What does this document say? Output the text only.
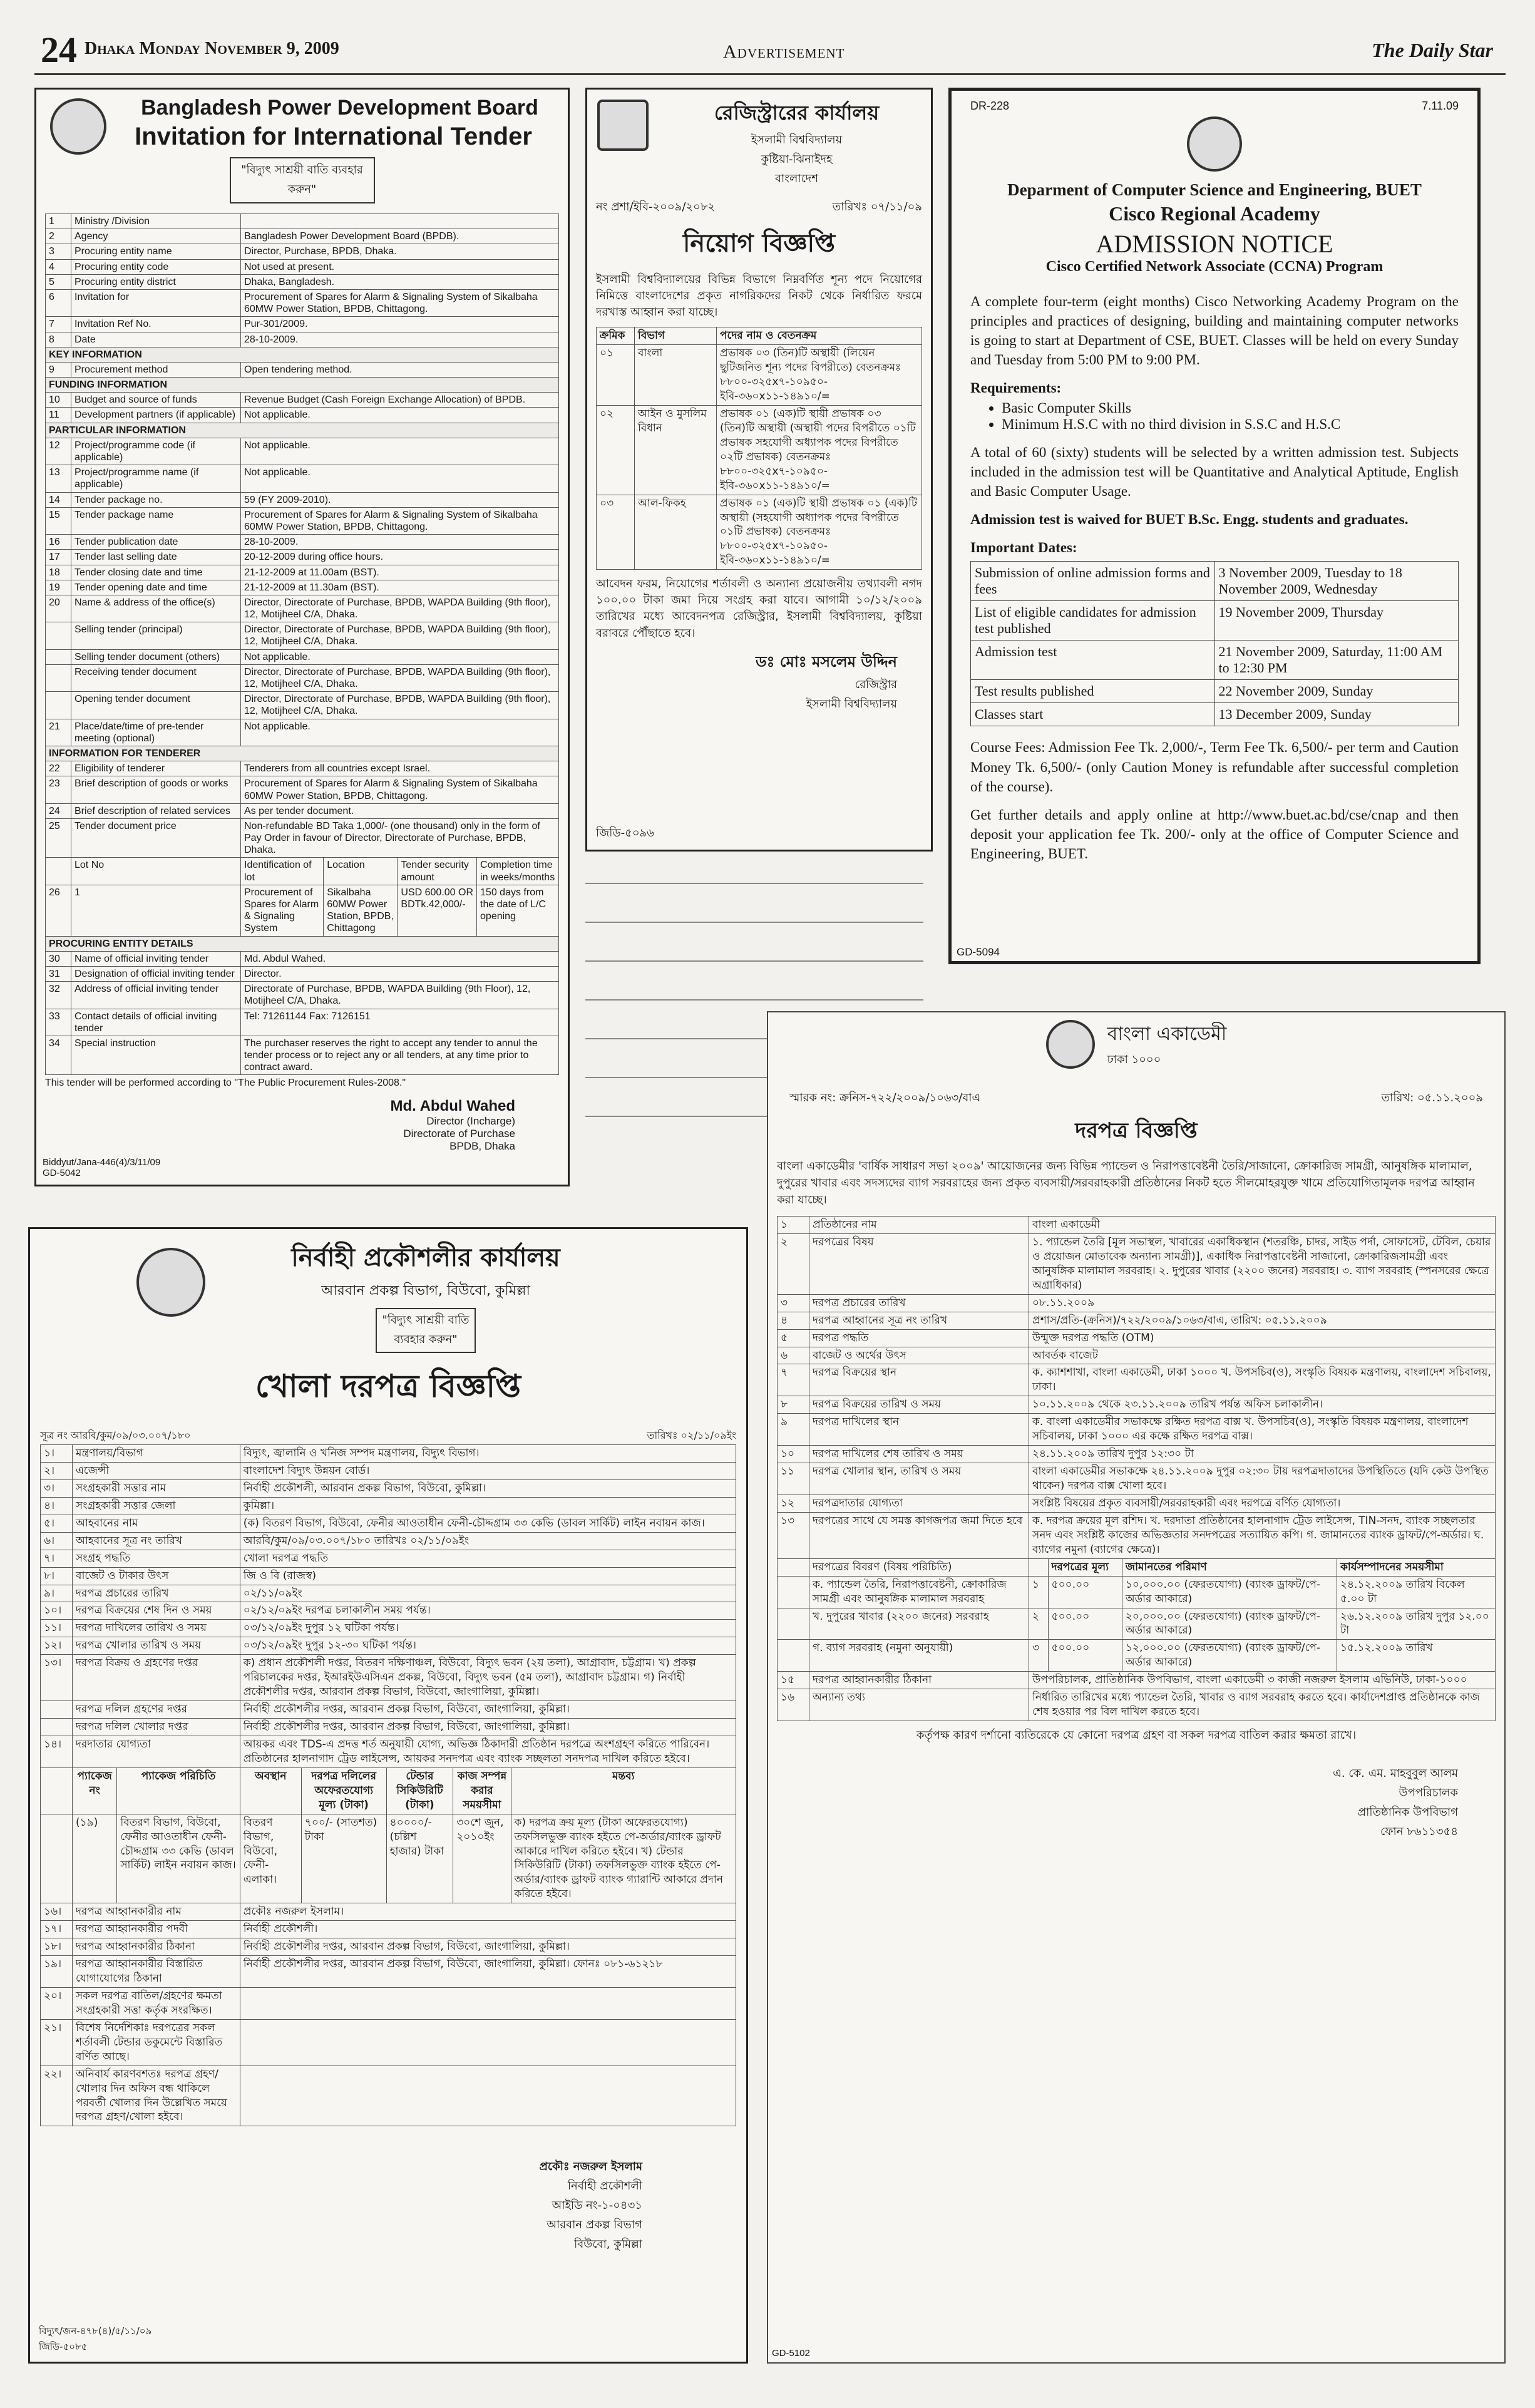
24 Dhaka Monday November 9, 2009	Advertisement	The Daily Star
Bangladesh Power Development Board
Invitation for International Tender
"বিদ্যুৎ সাশ্রয়ী বাতি ব্যবহার করুন"
1	Ministry /Division				
2	Agency	Bangladesh Power Development Board (BPDB).			
3	Procuring entity name	Director, Purchase, BPDB, Dhaka.			
4	Procuring entity code	Not used at present.			
5	Procuring entity district	Dhaka, Bangladesh.			
6	Invitation for	Procurement of Spares for Alarm & Signaling System of Sikalbaha 60MW Power Station, BPDB, Chittagong.			
7	Invitation Ref No.	Pur-301/2009.			
8	Date	28-10-2009.			
KEY INFORMATION					
9	Procurement method	Open tendering method.			
FUNDING INFORMATION					
10	Budget and source of funds	Revenue Budget (Cash Foreign Exchange Allocation) of BPDB.			
11	Development partners (if applicable)	Not applicable.			
PARTICULAR INFORMATION					
12	Project/programme code (if applicable)	Not applicable.			
13	Project/programme name (if applicable)	Not applicable.			
14	Tender package no.	59 (FY 2009-2010).			
15	Tender package name	Procurement of Spares for Alarm & Signaling System of Sikalbaha 60MW Power Station, BPDB, Chittagong.			
16	Tender publication date	28-10-2009.			
17	Tender last selling date	20-12-2009 during office hours.			
18	Tender closing date and time	21-12-2009 at 11.00am (BST).			
19	Tender opening date and time	21-12-2009 at 11.30am (BST).			
20	Name & address of the office(s)	Director, Directorate of Purchase, BPDB, WAPDA Building (9th floor), 12, Motijheel C/A, Dhaka.			
	Selling tender (principal)	Director, Directorate of Purchase, BPDB, WAPDA Building (9th floor), 12, Motijheel C/A, Dhaka.			
	Selling tender document (others)	Not applicable.			
	Receiving tender document	Director, Directorate of Purchase, BPDB, WAPDA Building (9th floor), 12, Motijheel C/A, Dhaka.			
	Opening tender document	Director, Directorate of Purchase, BPDB, WAPDA Building (9th floor), 12, Motijheel C/A, Dhaka.			
21	Place/date/time of pre-tender meeting (optional)	Not applicable.			
INFORMATION FOR TENDERER					
22	Eligibility of tenderer	Tenderers from all countries except Israel.			
23	Brief description of goods or works	Procurement of Spares for Alarm & Signaling System of Sikalbaha 60MW Power Station, BPDB, Chittagong.			
24	Brief description of related services	As per tender document.			
25	Tender document price	Non-refundable BD Taka 1,000/- (one thousand) only in the form of Pay Order in favour of Director, Directorate of Purchase, BPDB, Dhaka.			
	Lot No	Identification of lot	Location	Tender security amount	Completion time in weeks/months
26	1	Procurement of Spares for Alarm & Signaling System	Sikalbaha 60MW Power Station, BPDB, Chittagong	USD 600.00 OR BDTk.42,000/-	150 days from the date of L/C opening
PROCURING ENTITY DETAILS					
30	Name of official inviting tender	Md. Abdul Wahed.			
31	Designation of official inviting tender	Director.			
32	Address of official inviting tender	Directorate of Purchase, BPDB, WAPDA Building (9th Floor), 12, Motijheel C/A, Dhaka.			
33	Contact details of official inviting tender	Tel: 71261144 Fax: 7126151			
34	Special instruction	The purchaser reserves the right to accept any tender to annul the tender process or to reject any or all tenders, at any time prior to contract award.			
This tender will be performed according to "The Public Procurement Rules-2008."
Md. Abdul Wahed
Director (Incharge)
Directorate of Purchase
BPDB, Dhaka
Biddyut/Jana-446(4)/3/11/09
GD-5042
রেজিস্ট্রারের কার্যালয়
ইসলামী বিশ্ববিদ্যালয়
কুষ্টিয়া-ঝিনাইদহ
বাংলাদেশ
নং প্রশা/ইবি-২০০৯/২০৮২	তারিখঃ ০৭/১১/০৯
নিয়োগ বিজ্ঞপ্তি
ইসলামী বিশ্ববিদ্যালয়ের বিভিন্ন বিভাগে নিম্নবর্ণিত শূন্য পদে নিয়োগের নিমিত্তে বাংলাদেশের প্রকৃত নাগরিকদের নিকট থেকে নির্ধারিত ফরমে দরখাস্ত আহ্বান করা যাচ্ছে।
ক্রমিক	বিভাগ	পদের নাম ও বেতনক্রম
০১	বাংলা	প্রভাষক ০৩ (তিন)টি অস্থায়ী (লিয়েন ছুটিজনিত শূন্য পদের বিপরীতে) বেতনক্রমঃ ৮৮০০-৩২৫x৭-১০৯৫০-ইবি-৩৬০x১১-১৪৯১০/=
০২	আইন ও মুসলিম বিধান	প্রভাষক ০১ (এক)টি স্থায়ী প্রভাষক ০৩ (তিন)টি অস্থায়ী (অস্থায়ী পদের বিপরীতে ০১টি প্রভাষক সহযোগী অধ্যাপক পদের বিপরীতে ০২টি প্রভাষক) বেতনক্রমঃ ৮৮০০-৩২৫x৭-১০৯৫০-ইবি-৩৬০x১১-১৪৯১০/=
০৩	আল-ফিকহ	প্রভাষক ০১ (এক)টি স্থায়ী প্রভাষক ০১ (এক)টি অস্থায়ী (সহযোগী অধ্যাপক পদের বিপরীতে ০১টি প্রভাষক) বেতনক্রমঃ ৮৮০০-৩২৫x৭-১০৯৫০-ইবি-৩৬০x১১-১৪৯১০/=
আবেদন ফরম, নিয়োগের শর্তাবলী ও অন্যান্য প্রয়োজনীয় তথ্যাবলী নগদ ১০০.০০ টাকা জমা দিয়ে সংগ্রহ করা যাবে। আগামী ১০/১২/২০০৯ তারিখের মধ্যে আবেদনপত্র রেজিস্ট্রার, ইসলামী বিশ্ববিদ্যালয়, কুষ্টিয়া বরাবরে পৌঁছাতে হবে।
ডঃ মোঃ মসলেম উদ্দিন
রেজিস্ট্রার
ইসলামী বিশ্ববিদ্যালয়
জিডি-৫০৯৬
DR-228	7.11.09
Deparment of Computer Science and Engineering, BUET
Cisco Regional Academy
ADMISSION NOTICE
Cisco Certified Network Associate (CCNA) Program

A complete four-term (eight months) Cisco Networking Academy Program on the principles and practices of designing, building and maintaining computer networks is going to start at Department of CSE, BUET. Classes will be held on every Sunday and Tuesday from 5:00 PM to 9:00 PM.

Requirements:

• Basic Computer Skills
• Minimum H.S.C with no third division in S.S.C and H.S.C

A total of 60 (sixty) students will be selected by a written admission test. Subjects included in the admission test will be Quantitative and Analytical Aptitude, English and Basic Computer Usage.

Admission test is waived for BUET B.Sc. Engg. students and graduates.

Important Dates:

Submission of online admission forms and fees	3 November 2009, Tuesday to 18 November 2009, Wednesday
List of eligible candidates for admission test published	19 November 2009, Thursday
Admission test	21 November 2009, Saturday, 11:00 AM to 12:30 PM
Test results published	22 November 2009, Sunday
Classes start	13 December 2009, Sunday

Course Fees: Admission Fee Tk. 2,000/-, Term Fee Tk. 6,500/- per term and Caution Money Tk. 6,500/- (only Caution Money is refundable after successful completion of the course).

Get further details and apply online at http://www.buet.ac.bd/cse/cnap and then deposit your application fee Tk. 200/- only at the office of Computer Science and Engineering, BUET.

GD-5094
বাংলা একাডেমী
ঢাকা ১০০০
স্মারক নং: ক্রনিস-৭২২/২০০৯/১০৬৩/বাএ	তারিখ: ০৫.১১.২০০৯
দরপত্র বিজ্ঞপ্তি
বাংলা একাডেমীর 'বার্ষিক সাধারণ সভা ২০০৯' আয়োজনের জন্য বিভিন্ন প্যান্ডেল ও নিরাপত্তাবেষ্টনী তৈরি/সাজানো, ক্রোকারিজ সামগ্রী, আনুষঙ্গিক মালামাল, দুপুরের খাবার এবং সদস্যদের ব্যাগ সরবরাহের জন্য প্রকৃত ব্যবসায়ী/সরবরাহকারী প্রতিষ্ঠানের নিকট হতে সীলমোহরযুক্ত খামে প্রতিযোগিতামূলক দরপত্র আহ্বান করা যাচ্ছে।
১	প্রতিষ্ঠানের নাম	বাংলা একাডেমী			
২	দরপত্রের বিষয়	১. প্যান্ডেল তৈরি [মূল সভাস্থল, খাবারের একাধিকস্থান (শতরঞ্চি, চাদর, সাইড পর্দা, সোফাসেট, টেবিল, চেয়ার ও প্রয়োজন মোতাবেক অন্যান্য সামগ্রী)], একাধিক নিরাপত্তাবেষ্টনী সাজানো, ক্রোকারিজসামগ্রী এবং আনুষঙ্গিক মালামাল সরবরাহ। ২. দুপুরের খাবার (২২০০ জনের) সরবরাহ। ৩. ব্যাগ সরবরাহ (স্পনসরের ক্ষেত্রে অগ্রাধিকার)			
৩	দরপত্র প্রচারের তারিখ	০৮.১১.২০০৯			
৪	দরপত্র আহ্বানের সূত্র নং তারিখ	প্রশাস/প্রতি-(ক্রনিস)/৭২২/২০০৯/১০৬৩/বাএ, তারিখ: ০৫.১১.২০০৯			
৫	দরপত্র পদ্ধতি	উন্মুক্ত দরপত্র পদ্ধতি (OTM)			
৬	বাজেট ও অর্থের উৎস	আবর্তক বাজেট			
৭	দরপত্র বিক্রয়ের স্থান	ক. ক্যাশশাখা, বাংলা একাডেমী, ঢাকা ১০০০ খ. উপসচিব(ও), সংস্কৃতি বিষয়ক মন্ত্রণালয়, বাংলাদেশ সচিবালয়, ঢাকা।			
৮	দরপত্র বিক্রয়ের তারিখ ও সময়	১০.১১.২০০৯ থেকে ২৩.১১.২০০৯ তারিখ পর্যন্ত অফিস চলাকালীন।			
৯	দরপত্র দাখিলের স্থান	ক. বাংলা একাডেমীর সভাকক্ষে রক্ষিত দরপত্র বাক্স খ. উপসচিব(ও), সংস্কৃতি বিষয়ক মন্ত্রণালয়, বাংলাদেশ সচিবালয়, ঢাকা ১০০০ এর কক্ষে রক্ষিত দরপত্র বাক্স।			
১০	দরপত্র দাখিলের শেষ তারিখ ও সময়	২৪.১১.২০০৯ তারিখ দুপুর ১২:৩০ টা			
১১	দরপত্র খোলার স্থান, তারিখ ও সময়	বাংলা একাডেমীর সভাকক্ষে ২৪.১১.২০০৯ দুপুর ০২:৩০ টায় দরপত্রদাতাদের উপস্থিতিতে (যদি কেউ উপস্থিত থাকেন) দরপত্র বাক্স খোলা হবে।			
১২	দরপত্রদাতার যোগ্যতা	সংশ্লিষ্ট বিষয়ের প্রকৃত ব্যবসায়ী/সরবরাহকারী এবং দরপত্রে বর্ণিত যোগ্যতা।			
১৩	দরপত্রের সাথে যে সমস্ত কাগজপত্র জমা দিতে হবে	ক. দরপত্র ক্রয়ের মূল রশিদ। খ. দরদাতা প্রতিষ্ঠানের হালনাগাদ ট্রেড লাইসেন্স, TIN-সনদ, ব্যাংক সচ্ছলতার সনদ এবং সংশ্লিষ্ট কাজের অভিজ্ঞতার সনদপত্রের সত্যায়িত কপি। গ. জামানতের ব্যাংক ড্রাফট/পে-অর্ডার। ঘ. ব্যাগের নমুনা (ব্যাগের ক্ষেত্রে)।			
	দরপত্রের বিবরণ (বিষয় পরিচিতি)		দরপত্রের মূল্য	জামানতের পরিমাণ	কার্যসম্পাদনের সময়সীমা
	ক. প্যান্ডেল তৈরি, নিরাপত্তাবেষ্টনী, ক্রোকারিজ সামগ্রী এবং আনুষঙ্গিক মালামাল সরবরাহ	১	৫০০.০০	১০,০০০.০০ (ফেরতযোগ্য) (ব্যাংক ড্রাফট/পে-অর্ডার আকারে)	২৪.১২.২০০৯ তারিখ বিকেল ৫.০০ টা
	খ. দুপুরের খাবার (২২০০ জনের) সরবরাহ	২	৫০০.০০	২০,০০০.০০ (ফেরতযোগ্য) (ব্যাংক ড্রাফট/পে-অর্ডার আকারে)	২৬.১২.২০০৯ তারিখ দুপুর ১২.০০ টা
	গ. ব্যাগ সরবরাহ (নমুনা অনুযায়ী)	৩	৫০০.০০	১২,০০০.০০ (ফেরতযোগ্য) (ব্যাংক ড্রাফট/পে-অর্ডার আকারে)	১৫.১২.২০০৯ তারিখ
১৫	দরপত্র আহ্বানকারীর ঠিকানা	উপপরিচালক, প্রাতিষ্ঠানিক উপবিভাগ, বাংলা একাডেমী ৩ কাজী নজরুল ইসলাম এভিনিউ, ঢাকা-১০০০			
১৬	অন্যান্য তথ্য	নির্ধারিত তারিখের মধ্যে প্যান্ডেল তৈরি, খাবার ও ব্যাগ সরবরাহ করতে হবে। কার্যাদেশপ্রাপ্ত প্রতিষ্ঠানকে কাজ শেষ হওয়ার পর বিল দাখিল করতে হবে।			
কর্তৃপক্ষ কারণ দর্শানো ব্যতিরেকে যে কোনো দরপত্র গ্রহণ বা সকল দরপত্র বাতিল করার ক্ষমতা রাখে।
এ. কে. এম. মাহবুবুল আলম
উপপরিচালক
প্রাতিষ্ঠানিক উপবিভাগ
ফোন ৮৬১১৩৫৪
GD-5102
নির্বাহী প্রকৌশলীর কার্যালয়
আরবান প্রকল্প বিভাগ, বিউবো, কুমিল্লা
"বিদ্যুৎ সাশ্রয়ী বাতি ব্যবহার করুন"
খোলা দরপত্র বিজ্ঞপ্তি
সূত্র নং আরবি/কুম/০৯/০৩.০০৭/১৮০	তারিখঃ ০২/১১/০৯ইং
১।	মন্ত্রণালয়/বিভাগ		বিদ্যুৎ, জ্বালানি ও খনিজ সম্পদ মন্ত্রণালয়, বিদ্যুৎ বিভাগ।				
২।	এজেন্সী		বাংলাদেশ বিদ্যুৎ উন্নয়ন বোর্ড।				
৩।	সংগ্রহকারী সত্তার নাম		নির্বাহী প্রকৌশলী, আরবান প্রকল্প বিভাগ, বিউবো, কুমিল্লা।				
৪।	সংগ্রহকারী সত্তার জেলা		কুমিল্লা।				
৫।	আহবানের নাম		(ক) বিতরণ বিভাগ, বিউবো, ফেনীর আওতাধীন ফেনী-চৌদ্দগ্রাম ৩৩ কেভি (ডাবল সার্কিট) লাইন নবায়ন কাজ।				
৬।	আহবানের সূত্র নং তারিখ		আরবি/কুম/০৯/০৩.০০৭/১৮০ তারিখঃ ০২/১১/০৯ইং				
৭।	সংগ্রহ পদ্ধতি		খোলা দরপত্র পদ্ধতি				
৮।	বাজেট ও টাকার উৎস		জি ও বি (রাজস্ব)				
৯।	দরপত্র প্রচারের তারিখ		০২/১১/০৯ইং				
১০।	দরপত্র বিক্রয়ের শেষ দিন ও সময়		০২/১২/০৯ইং দরপত্র চলাকালীন সময় পর্যন্ত।				
১১।	দরপত্র দাখিলের তারিখ ও সময়		০৩/১২/০৯ইং দুপুর ১২ ঘটিকা পর্যন্ত।				
১২।	দরপত্র খোলার তারিখ ও সময়		০৩/১২/০৯ইং দুপুর ১২-৩০ ঘটিকা পর্যন্ত।				
১৩।	দরপত্র বিক্রয় ও গ্রহণের দপ্তর		ক) প্রধান প্রকৌশলী দপ্তর, বিতরণ দক্ষিণাঞ্চল, বিউবো, বিদ্যুৎ ভবন (২য় তলা), আগ্রাবাদ, চট্টগ্রাম। খ) প্রকল্প পরিচালকের দপ্তর, ইআরইউএসিএন প্রকল্প, বিউবো, বিদ্যুৎ ভবন (৫ম তলা), আগ্রাবাদ চট্টগ্রাম। গ) নির্বাহী প্রকৌশলীর দপ্তর, আরবান প্রকল্প বিভাগ, বিউবো, জাংগালিয়া, কুমিল্লা।				
	দরপত্র দলিল গ্রহণের দপ্তর		নির্বাহী প্রকৌশলীর দপ্তর, আরবান প্রকল্প বিভাগ, বিউবো, জাংগালিয়া, কুমিল্লা।				
	দরপত্র দলিল খোলার দপ্তর		নির্বাহী প্রকৌশলীর দপ্তর, আরবান প্রকল্প বিভাগ, বিউবো, জাংগালিয়া, কুমিল্লা।				
১৪।	দরদাতার যোগ্যতা		আয়কর এবং TDS-এ প্রদত্ত শর্ত অনুযায়ী যোগ্য, অভিজ্ঞ ঠিকাদারী প্রতিষ্ঠান দরপত্রে অংশগ্রহণ করিতে পারিবেন। প্রতিষ্ঠানের হালনাগাদ ট্রেড লাইসেন্স, আয়কর সনদপত্র এবং ব্যাংক সচ্ছলতা সনদপত্র দাখিল করিতে হইবে।				
	প্যাকেজ নং	প্যাকেজ পরিচিতি	অবস্থান	দরপত্র দলিলের অফেরতযোগ্য মূল্য (টাকা)	টেন্ডার সিকিউরিটি (টাকা)	কাজ সম্পন্ন করার সময়সীমা	মন্তব্য
	(১৯)	বিতরণ বিভাগ, বিউবো, ফেনীর আওতাধীন ফেনী-চৌদ্দগ্রাম ৩৩ কেভি (ডাবল সার্কিট) লাইন নবায়ন কাজ।	বিতরণ বিভাগ, বিউবো, ফেনী-এলাকা।	৭০০/- (সাতশত) টাকা	৪০০০০/- (চল্লিশ হাজার) টাকা	৩০শে জুন, ২০১০ইং	ক) দরপত্র ক্রয় মূল্য (টাকা অফেরতযোগ্য) তফসিলভুক্ত ব্যাংক হইতে পে-অর্ডার/ব্যাংক ড্রাফট আকারে দাখিল করিতে হইবে। খ) টেন্ডার সিকিউরিটি (টাকা) তফসিলভুক্ত ব্যাংক হইতে পে-অর্ডার/ব্যাংক ড্রাফট ব্যাংক গ্যারান্টি আকারে প্রদান করিতে হইবে।
১৬।	দরপত্র আহ্বানকারীর নাম		প্রকৌঃ নজরুল ইসলাম।				
১৭।	দরপত্র আহ্বানকারীর পদবী		নির্বাহী প্রকৌশলী।				
১৮।	দরপত্র আহ্বানকারীর ঠিকানা		নির্বাহী প্রকৌশলীর দপ্তর, আরবান প্রকল্প বিভাগ, বিউবো, জাংগালিয়া, কুমিল্লা।				
১৯।	দরপত্র আহ্বানকারীর বিস্তারিত যোগাযোগের ঠিকানা		নির্বাহী প্রকৌশলীর দপ্তর, আরবান প্রকল্প বিভাগ, বিউবো, জাংগালিয়া, কুমিল্লা। ফোনঃ ০৮১-৬১২১৮				
২০।	সকল দরপত্র বাতিল/গ্রহণের ক্ষমতা সংগ্রহকারী সত্তা কর্তৃক সংরক্ষিত।						
২১।	বিশেষ নির্দেশিকাঃ দরপত্রের সকল শর্তাবলী টেন্ডার ডকুমেন্টে বিস্তারিত বর্ণিত আছে।						
২২।	অনিবার্য কারণবশতঃ দরপত্র গ্রহণ/খোলার দিন অফিস বন্ধ থাকিলে পরবর্তী খোলার দিন উল্লেখিত সময়ে দরপত্র গ্রহণ/খোলা হইবে।						
প্রকৌঃ নজরুল ইসলাম
নির্বাহী প্রকৌশলী
আইডি নং-১-০৪৩১
আরবান প্রকল্প বিভাগ
বিউবো, কুমিল্লা
বিদ্যুৎ/জন-৪৭৮(৪)/৫/১১/০৯
জিডি-৫০৮৫
